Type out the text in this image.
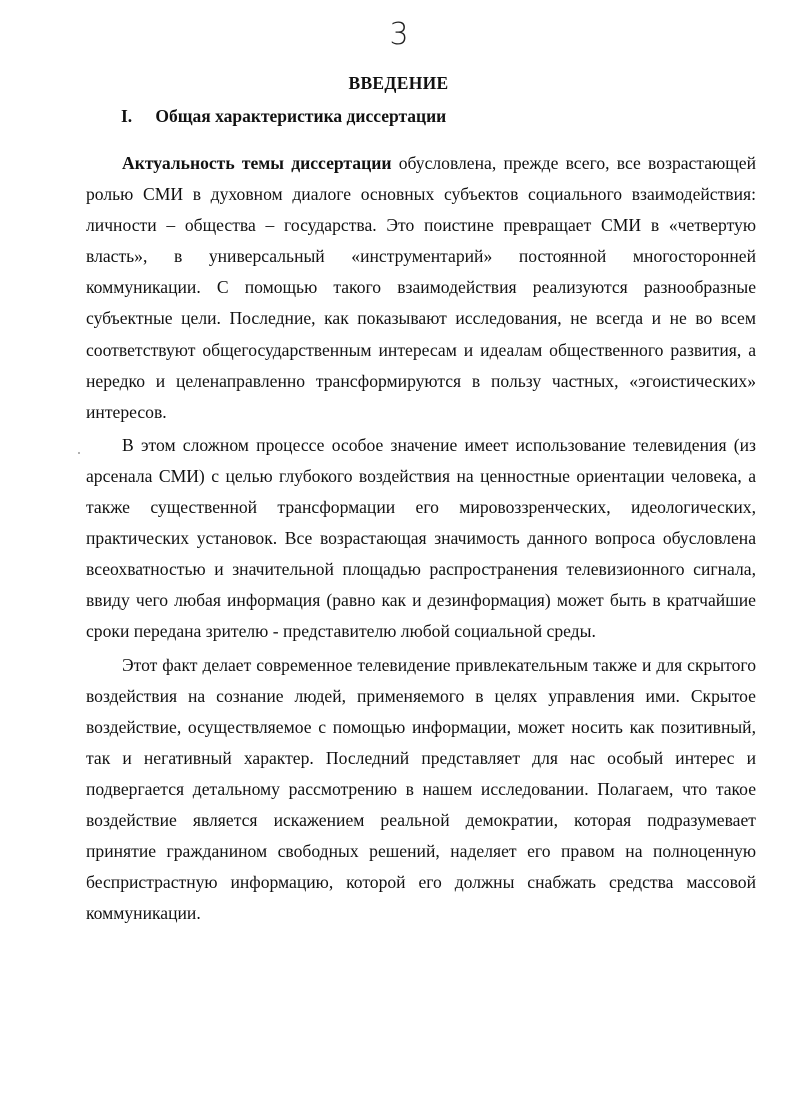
3
ВВЕДЕНИЕ
I. Общая характеристика диссертации

Актуальность темы диссертации обусловлена, прежде всего, все возрастающей ролью СМИ в духовном диалоге основных субъектов социального взаимодействия: личности – общества – государства. Это поистине превращает СМИ в «четвертую власть», в универсальный «инструментарий» постоянной многосторонней коммуникации. С помощью такого взаимодействия реализуются разнообразные субъектные цели. Последние, как показывают исследования, не всегда и не во всем соответствуют общегосударственным интересам и идеалам общественного развития, а нередко и целенаправленно трансформируются в пользу частных, «эгоистических» интересов.

В этом сложном процессе особое значение имеет использование телевидения (из арсенала СМИ) с целью глубокого воздействия на ценностные ориентации человека, а также существенной трансформации его мировоззренческих, идеологических, практических установок. Все возрастающая значимость данного вопроса обусловлена всеохватностью и значительной площадью распространения телевизионного сигнала, ввиду чего любая информация (равно как и дезинформация) может быть в кратчайшие сроки передана зрителю - представителю любой социальной среды.

Этот факт делает современное телевидение привлекательным также и для скрытого воздействия на сознание людей, применяемого в целях управления ими. Скрытое воздействие, осуществляемое с помощью информации, может носить как позитивный, так и негативный характер. Последний представляет для нас особый интерес и подвергается детальному рассмотрению в нашем исследовании. Полагаем, что такое воздействие является искажением реальной демократии, которая подразумевает принятие гражданином свободных решений, наделяет его правом на полноценную беспристрастную информацию, которой его должны снабжать средства массовой коммуникации.
